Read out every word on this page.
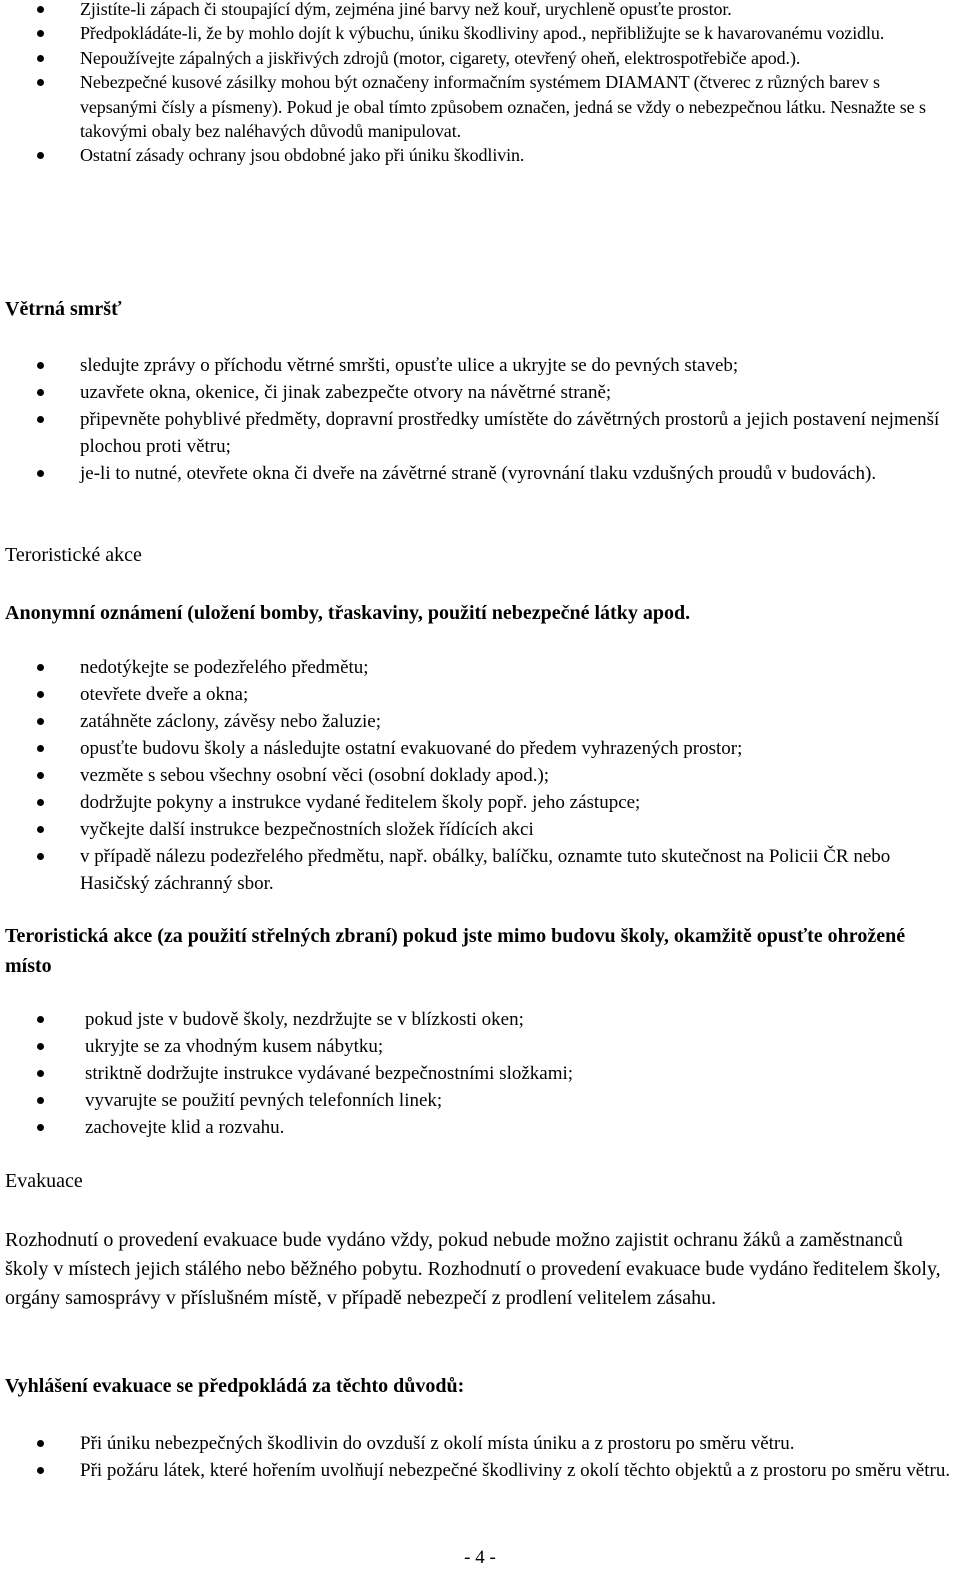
Zjistíte-li zápach či stoupající dým, zejména jiné barvy než kouř, urychleně opusťte prostor.
Předpokládáte-li, že by mohlo dojít k výbuchu, úniku škodliviny apod., nepřibližujte se k havarovanému vozidlu.
Nepoužívejte zápalných a jiskřivých zdrojů (motor, cigarety, otevřený oheň, elektrospotřebiče apod.).
Nebezpečné kusové zásilky mohou být označeny informačním systémem DIAMANT (čtverec z různých barev s vepsanými čísly a písmeny). Pokud je obal tímto způsobem označen, jedná se vždy o nebezpečnou látku. Nesnažte se s takovými obaly bez naléhavých důvodů manipulovat.
Ostatní zásady ochrany jsou obdobné jako při úniku škodlivin.
Větrná smršť
sledujte zprávy o příchodu větrné smršti, opusťte ulice a ukryjte se do pevných staveb;
uzavřete okna, okenice, či jinak zabezpečte otvory na návětrné straně;
připevněte pohyblivé předměty, dopravní prostředky umístěte do závětrných prostorů a jejich postavení nejmenší plochou proti větru;
je-li to nutné, otevřete okna či dveře na závětrné straně (vyrovnání tlaku vzdušných proudů v budovách).
Teroristické akce
Anonymní oznámení (uložení bomby, třaskaviny, použití nebezpečné látky apod.
nedotýkejte se podezřelého předmětu;
otevřete dveře a okna;
zatáhněte záclony, závěsy nebo žaluzie;
opusťte budovu školy a následujte ostatní evakuované do předem vyhrazených prostor;
vezměte s sebou všechny osobní věci (osobní doklady apod.);
dodržujte pokyny a instrukce vydané ředitelem školy popř. jeho zástupce;
vyčkejte další instrukce bezpečnostních složek řídících akci
v případě nálezu podezřelého předmětu, např. obálky, balíčku, oznamte tuto skutečnost na Policii ČR nebo Hasičský záchranný sbor.
Teroristická akce (za použití střelných zbraní) pokud jste mimo budovu školy, okamžitě opusťte ohrožené místo
pokud jste v budově školy, nezdržujte se v blízkosti oken;
ukryjte se za vhodným kusem nábytku;
striktně dodržujte instrukce vydávané bezpečnostními složkami;
vyvarujte se použití pevných telefonních linek;
zachovejte klid a rozvahu.
Evakuace
Rozhodnutí o provedení evakuace bude vydáno vždy, pokud nebude možno zajistit ochranu žáků a zaměstnanců školy v místech jejich stálého nebo běžného pobytu. Rozhodnutí o provedení evakuace bude vydáno ředitelem školy, orgány samosprávy v příslušném místě, v případě nebezpečí z prodlení velitelem zásahu.
Vyhlášení evakuace se předpokládá za těchto důvodů:
Při úniku nebezpečných škodlivin do ovzduší z okolí místa úniku a z prostoru po směru větru.
Při požáru látek, které hořením uvolňují nebezpečné škodliviny z okolí těchto objektů a z prostoru po směru větru.
- 4 -
